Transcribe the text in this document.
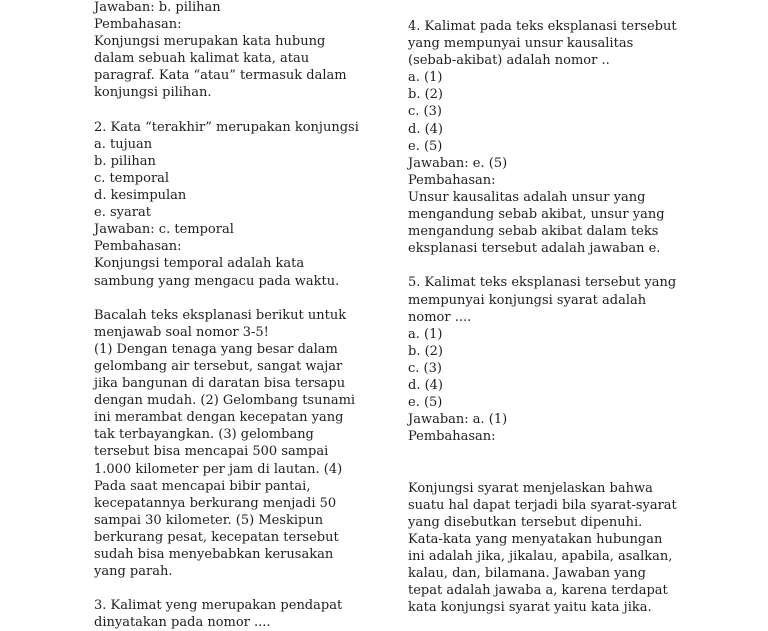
Jawaban: b. pilihan
Pembahasan:
Konjungsi merupakan kata hubung
dalam sebuah kalimat kata, atau
paragraf. Kata “atau” termasuk dalam
konjungsi pilihan.
2. Kata “terakhir” merupakan konjungsi
a. tujuan
b. pilihan
c. temporal
d. kesimpulan
e. syarat
Jawaban: c. temporal
Pembahasan:
Konjungsi temporal adalah kata
sambung yang mengacu pada waktu.
Bacalah teks eksplanasi berikut untuk
menjawab soal nomor 3-5!
(1) Dengan tenaga yang besar dalam
gelombang air tersebut, sangat wajar
jika bangunan di daratan bisa tersapu
dengan mudah. (2) Gelombang tsunami
ini merambat dengan kecepatan yang
tak terbayangkan. (3) gelombang
tersebut bisa mencapai 500 sampai
1.000 kilometer per jam di lautan. (4)
Pada saat mencapai bibir pantai,
kecepatannya berkurang menjadi 50
sampai 30 kilometer. (5) Meskipun
berkurang pesat, kecepatan tersebut
sudah bisa menyebabkan kerusakan
yang parah.
3. Kalimat yeng merupakan pendapat
dinyatakan pada nomor ....
4. Kalimat pada teks eksplanasi tersebut
yang mempunyai unsur kausalitas
(sebab-akibat) adalah nomor ..
a. (1)
b. (2)
c. (3)
d. (4)
e. (5)
Jawaban: e. (5)
Pembahasan:
Unsur kausalitas adalah unsur yang
mengandung sebab akibat, unsur yang
mengandung sebab akibat dalam teks
eksplanasi tersebut adalah jawaban e.
5. Kalimat teks eksplanasi tersebut yang
mempunyai konjungsi syarat adalah
nomor ....
a. (1)
b. (2)
c. (3)
d. (4)
e. (5)
Jawaban: a. (1)
Pembahasan:
Konjungsi syarat menjelaskan bahwa
suatu hal dapat terjadi bila syarat-syarat
yang disebutkan tersebut dipenuhi.
Kata-kata yang menyatakan hubungan
ini adalah jika, jikalau, apabila, asalkan,
kalau, dan, bilamana. Jawaban yang
tepat adalah jawaba a, karena terdapat
kata konjungsi syarat yaitu kata jika.
